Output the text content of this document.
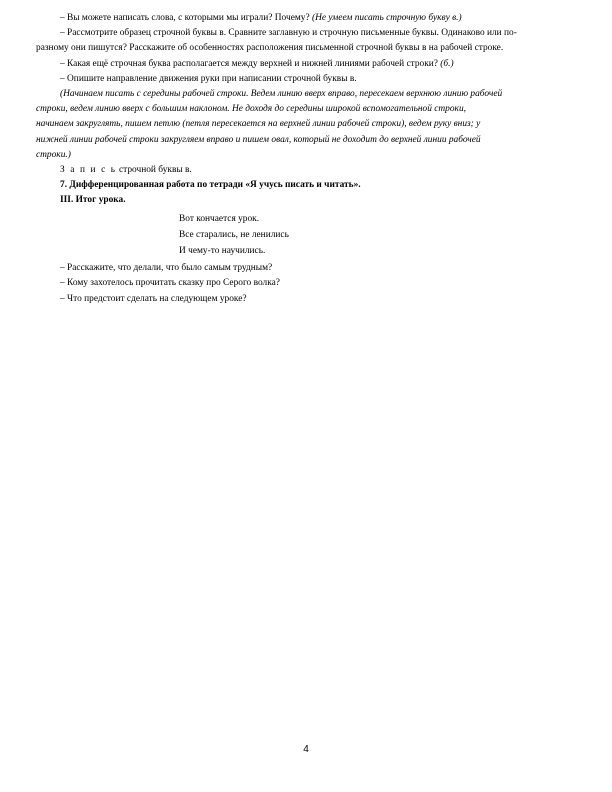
– Вы можете написать слова, с которыми мы играли? Почему? (Не умеем писать строчную букву в.)

– Рассмотрите образец строчной буквы в. Сравните заглавную и строчную письменные буквы. Одинаково или по-

разному они пишутся? Расскажите об особенностях расположения письменной строчной буквы в на рабочей строке.

– Какая ещё строчная буква располагается между верхней и нижней линиями рабочей строки? (б.)

– Опишите направление движения руки при написании строчной буквы в.

(Начинаем писать с середины рабочей строки. Ведем линию вверх вправо, пересекаем верхнюю линию рабочей

строки, ведем линию вверх с большим наклоном. Не доходя до середины широкой вспомогательной строки,

начинаем закруглять, пишем петлю (петля пересекается на верхней линии рабочей строки), ведем руку вниз; у

нижней линии рабочей строки закругляем вправо и пишем овал, который не доходит до верхней линии рабочей

строки.)

З а п и с ь строчной буквы в.

7. Дифференцированная работа по тетради «Я учусь писать и читать».

III. Итог урока.

Вот кончается урок.
Все старались, не ленились
И чему-то научились.

– Расскажите, что делали, что было самым трудным?

– Кому захотелось прочитать сказку про Серого волка?

– Что предстоит сделать на следующем уроке?

4
